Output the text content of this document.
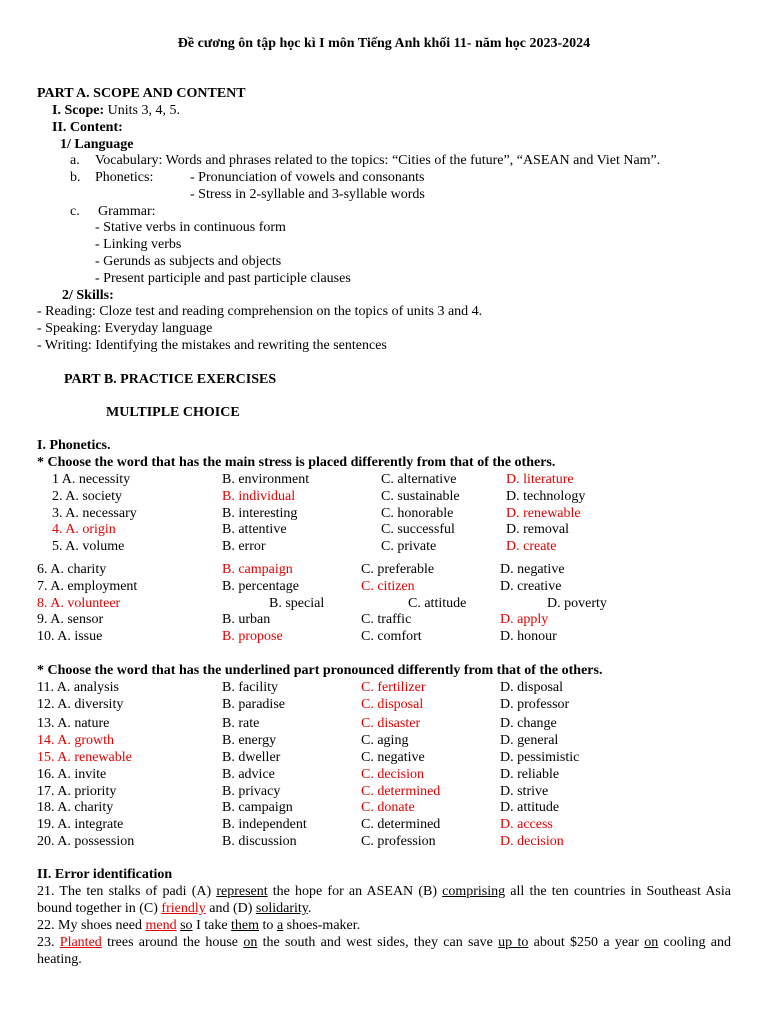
Đề cương ôn tập học kì I môn Tiếng Anh khối 11- năm học 2023-2024
PART A. SCOPE AND CONTENT
I. Scope: Units 3, 4, 5.
II. Content:
1/ Language
a. Vocabulary: Words and phrases related to the topics: “Cities of the future”, “ASEAN and Viet Nam”.
b. Phonetics:	- Pronunciation of vowels and consonants
- Stress in 2-syllable and 3-syllable words
c. Grammar:
- Stative verbs in continuous form
- Linking verbs
- Gerunds as subjects and objects
- Present participle and past participle clauses
2/ Skills:
- Reading: Cloze test and reading comprehension on the topics of units 3 and 4.
- Speaking: Everyday language
- Writing: Identifying the mistakes and rewriting the sentences
PART B. PRACTICE EXERCISES
MULTIPLE CHOICE
I. Phonetics.
* Choose the word that has the main stress is placed differently from that of the others.
1 A. necessity	B. environment	C. alternative	D. literature
2. A. society	B. individual	C. sustainable	D. technology
3. A. necessary	B. interesting	C. honorable	D. renewable
4. A. origin	B. attentive	C. successful	D. removal
5. A. volume	B. error	C. private	D. create
6. A. charity	B. campaign	C. preferable	D. negative
7. A. employment	B. percentage	C. citizen	D. creative
8. A. volunteer	B. special	C. attitude	D. poverty
9. A. sensor	B. urban	C. traffic	D. apply
10. A. issue	B. propose	C. comfort	D. honour
* Choose the word that has the underlined part pronounced differently from that of the others.
11. A. analysis	B. facility	C. fertilizer	D. disposal
12. A. diversity	B. paradise	C. disposal	D. professor
13. A. nature	B. rate	C. disaster	D. change
14. A. growth	B. energy	C. aging	D. general
15. A. renewable	B. dweller	C. negative	D. pessimistic
16. A. invite	B. advice	C. decision	D. reliable
17. A. priority	B. privacy	C. determined	D. strive
18. A. charity	B. campaign	C. donate	D. attitude
19. A. integrate	B. independent	C. determined	D. access
20. A. possession	B. discussion	C. profession	D. decision
II. Error identification
21. The ten stalks of padi (A) represent the hope for an ASEAN (B) comprising all the ten countries in Southeast Asia bound together in (C) friendly and (D) solidarity.
22. My shoes need mend so I take them to a shoes-maker.
23. Planted trees around the house on the south and west sides, they can save up to about $250 a year on cooling and heating.
